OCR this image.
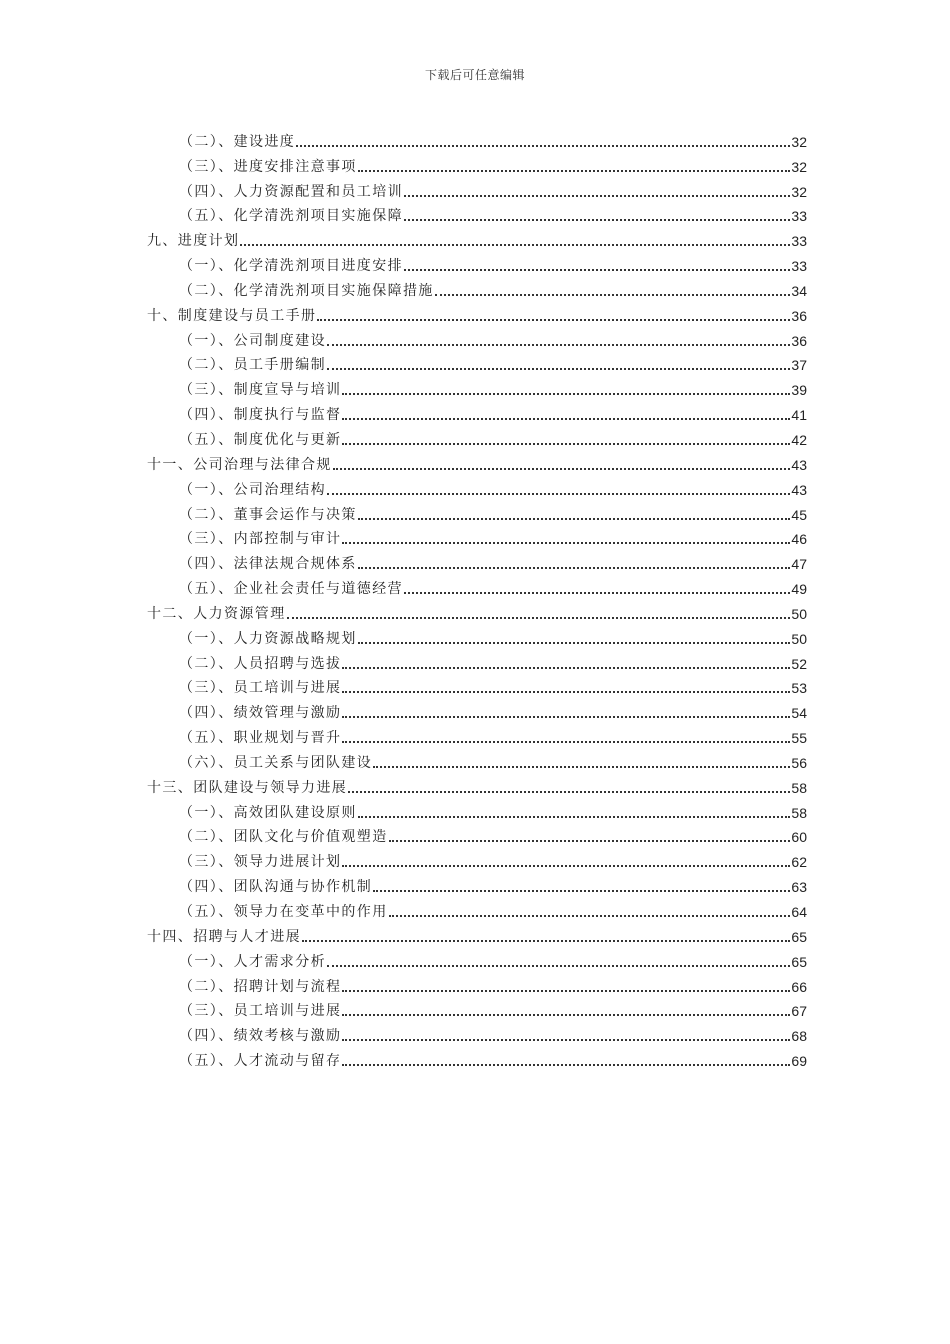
下载后可任意编辑
（二）、建设进度	32
（三）、进度安排注意事项	32
（四）、人力资源配置和员工培训	32
（五）、化学清洗剂项目实施保障	33
九、进度计划	33
（一）、化学清洗剂项目进度安排	33
（二）、化学清洗剂项目实施保障措施	34
十、制度建设与员工手册	36
（一）、公司制度建设	36
（二）、员工手册编制	37
（三）、制度宣导与培训	39
（四）、制度执行与监督	41
（五）、制度优化与更新	42
十一、公司治理与法律合规	43
（一）、公司治理结构	43
（二）、董事会运作与决策	45
（三）、内部控制与审计	46
（四）、法律法规合规体系	47
（五）、企业社会责任与道德经营	49
十二、人力资源管理	50
（一）、人力资源战略规划	50
（二）、人员招聘与选拔	52
（三）、员工培训与进展	53
（四）、绩效管理与激励	54
（五）、职业规划与晋升	55
（六）、员工关系与团队建设	56
十三、团队建设与领导力进展	58
（一）、高效团队建设原则	58
（二）、团队文化与价值观塑造	60
（三）、领导力进展计划	62
（四）、团队沟通与协作机制	63
（五）、领导力在变革中的作用	64
十四、招聘与人才进展	65
（一）、人才需求分析	65
（二）、招聘计划与流程	66
（三）、员工培训与进展	67
（四）、绩效考核与激励	68
（五）、人才流动与留存	69
